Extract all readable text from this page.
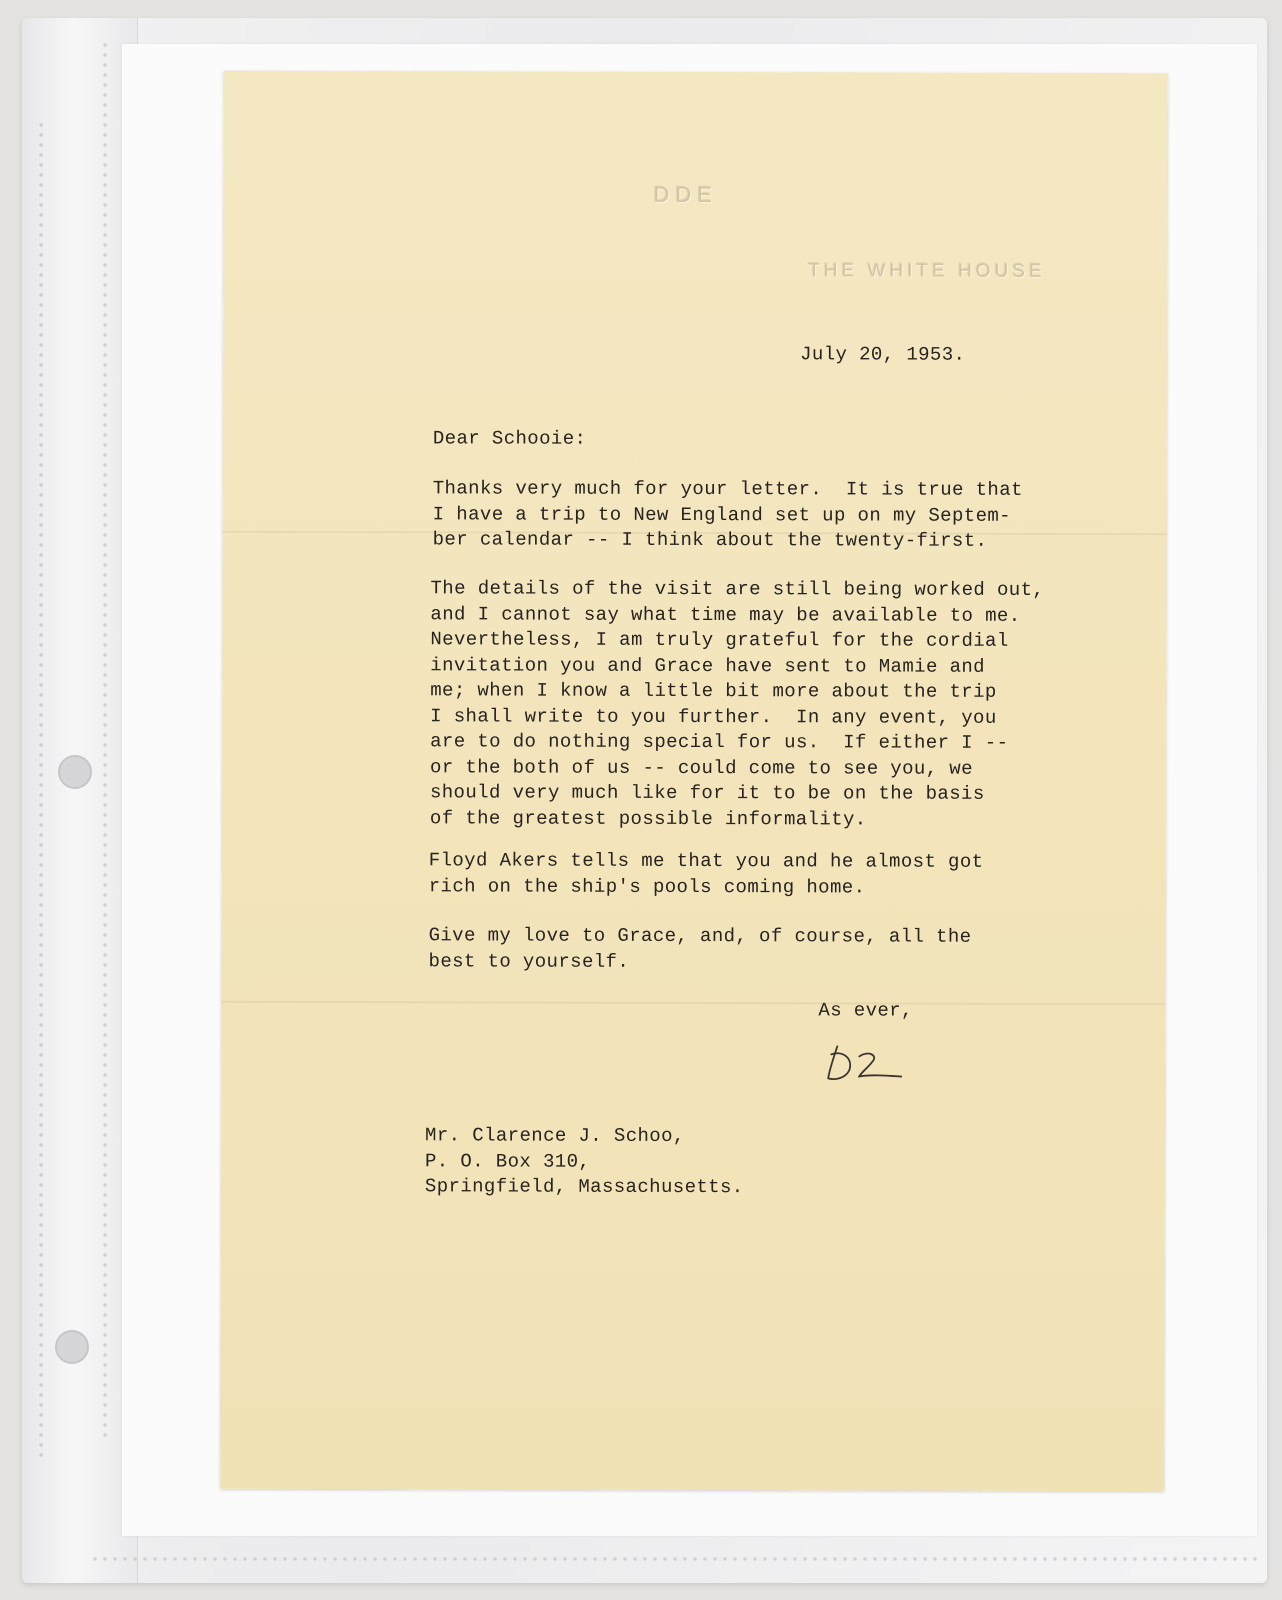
DDE
THE WHITE HOUSE
July 20, 1953.
Dear Schooie:
Thanks very much for your letter.  It is true that
I have a trip to New England set up on my Septem-
ber calendar -- I think about the twenty-first.
The details of the visit are still being worked out,
and I cannot say what time may be available to me.
Nevertheless, I am truly grateful for the cordial
invitation you and Grace have sent to Mamie and
me; when I know a little bit more about the trip
I shall write to you further.  In any event, you
are to do nothing special for us.  If either I --
or the both of us -- could come to see you, we
should very much like for it to be on the basis
of the greatest possible informality.
Floyd Akers tells me that you and he almost got
rich on the ship's pools coming home.
Give my love to Grace, and, of course, all the
best to yourself.
As ever,
Mr. Clarence J. Schoo,
P. O. Box 310,
Springfield, Massachusetts.
